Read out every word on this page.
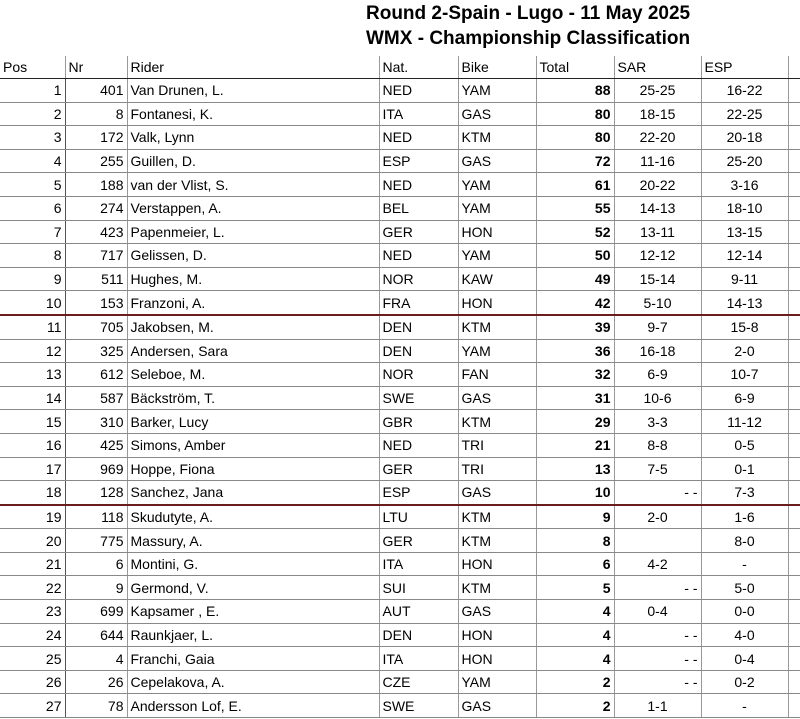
Round 2-Spain - Lugo - 11 May 2025
WMX - Championship Classification
Pos	Nr	Rider	Nat.	Bike	Total	SAR	ESP	
1	401	Van Drunen, L.	NED	YAM	88	25-25	16-22	
2	8	Fontanesi, K.	ITA	GAS	80	18-15	22-25	
3	172	Valk, Lynn	NED	KTM	80	22-20	20-18	
4	255	Guillen, D.	ESP	GAS	72	11-16	25-20	
5	188	van der Vlist, S.	NED	YAM	61	20-22	3-16	
6	274	Verstappen, A.	BEL	YAM	55	14-13	18-10	
7	423	Papenmeier, L.	GER	HON	52	13-11	13-15	
8	717	Gelissen, D.	NED	YAM	50	12-12	12-14	
9	511	Hughes, M.	NOR	KAW	49	15-14	9-11	
10	153	Franzoni, A.	FRA	HON	42	5-10	14-13	
11	705	Jakobsen, M.	DEN	KTM	39	9-7	15-8	
12	325	Andersen, Sara	DEN	YAM	36	16-18	2-0	
13	612	Seleboe, M.	NOR	FAN	32	6-9	10-7	
14	587	Bäckström, T.	SWE	GAS	31	10-6	6-9	
15	310	Barker, Lucy	GBR	KTM	29	3-3	11-12	
16	425	Simons, Amber	NED	TRI	21	8-8	0-5	
17	969	Hoppe, Fiona	GER	TRI	13	7-5	0-1	
18	128	Sanchez, Jana	ESP	GAS	10	- -	7-3	
19	118	Skudutyte, A.	LTU	KTM	9	2-0	1-6	
20	775	Massury, A.	GER	KTM	8		8-0	
21	6	Montini, G.	ITA	HON	6	4-2	-	
22	9	Germond, V.	SUI	KTM	5	- -	5-0	
23	699	Kapsamer , E.	AUT	GAS	4	0-4	0-0	
24	644	Raunkjaer, L.	DEN	HON	4	- -	4-0	
25	4	Franchi, Gaia	ITA	HON	4	- -	0-4	
26	26	Cepelakova, A.	CZE	YAM	2	- -	0-2	
27	78	Andersson Lof, E.	SWE	GAS	2	1-1	-	
